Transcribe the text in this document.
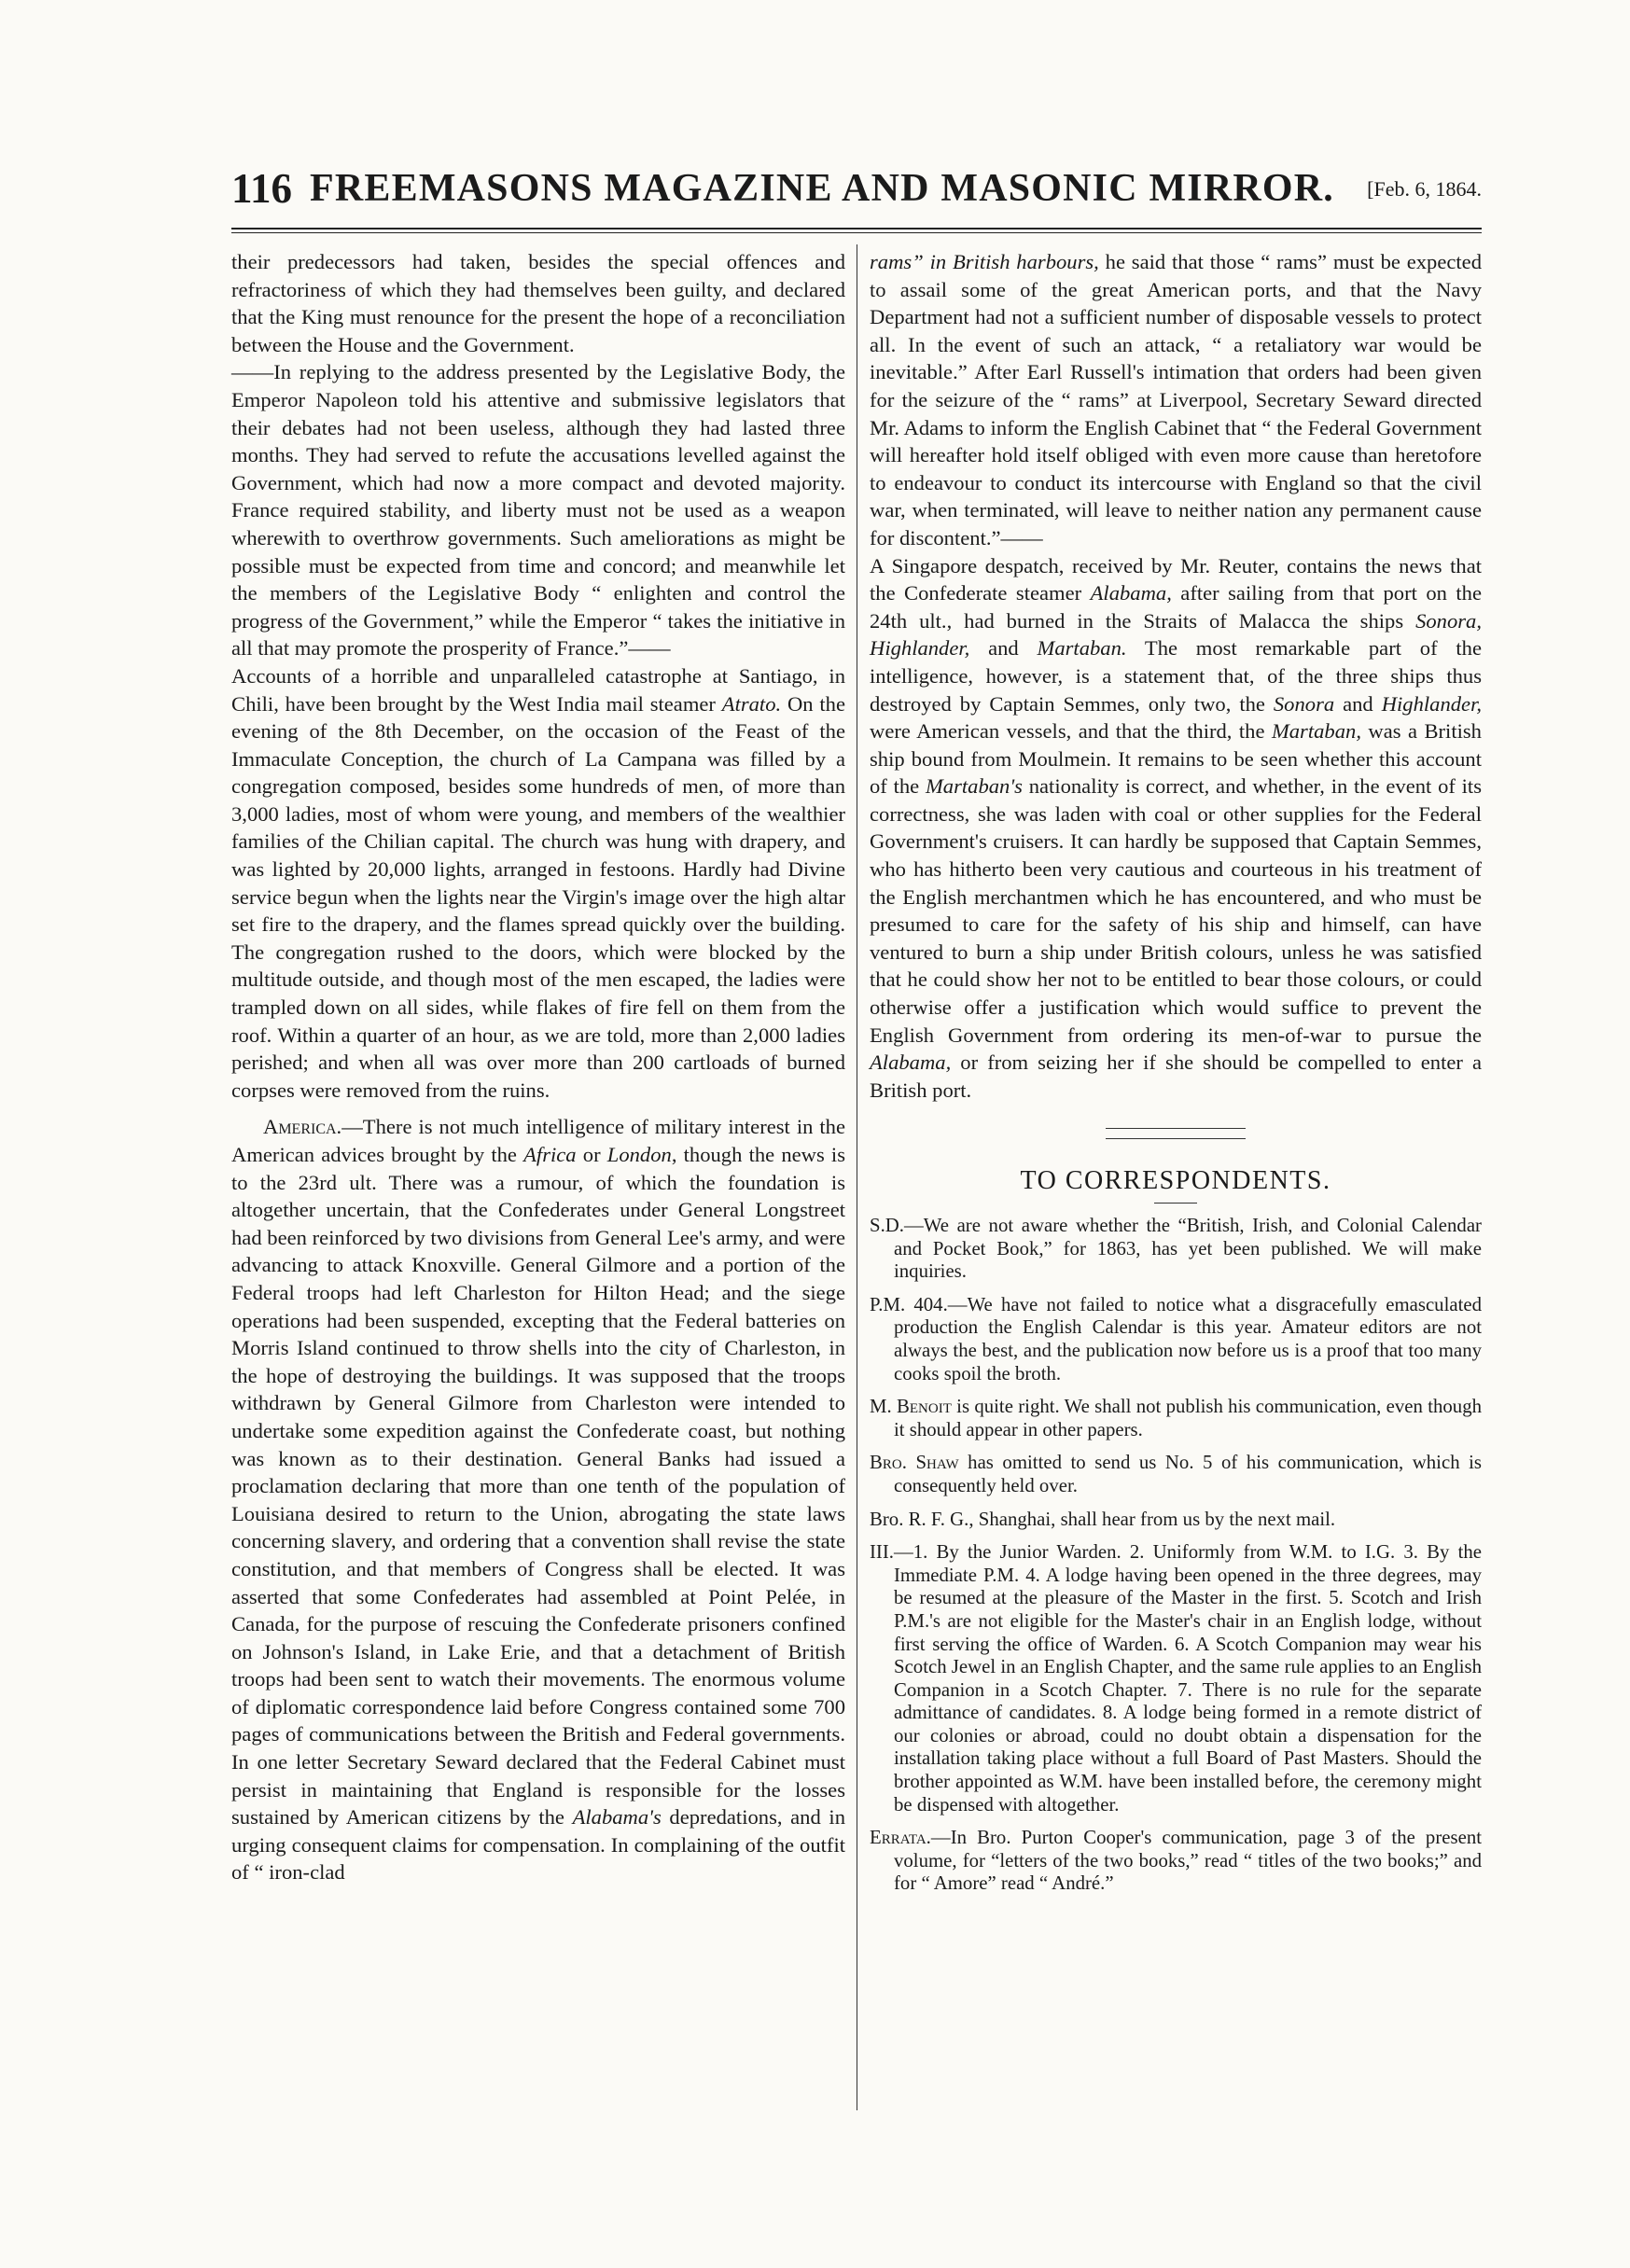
116 FREEMASONS MAGAZINE AND MASONIC MIRROR. [Feb. 6, 1864.

their predecessors had taken, besides the special offences and refractoriness of which they had themselves been guilty, and declared that the King must renounce for the present the hope of a reconciliation between the House and the Government.

——In replying to the address presented by the Legislative Body, the Emperor Napoleon told his attentive and submissive legislators that their debates had not been useless, although they had lasted three months. They had served to refute the accusations levelled against the Government, which had now a more compact and devoted majority. France required stability, and liberty must not be used as a weapon wherewith to overthrow governments. Such ameliorations as might be possible must be expected from time and concord; and meanwhile let the members of the Legislative Body “ enlighten and control the progress of the Government,” while the Emperor “ takes the initiative in all that may promote the prosperity of France.”——

Accounts of a horrible and unparalleled catastrophe at Santiago, in Chili, have been brought by the West India mail steamer Atrato. On the evening of the 8th December, on the occasion of the Feast of the Immaculate Conception, the church of La Campana was filled by a congregation composed, besides some hundreds of men, of more than 3,000 ladies, most of whom were young, and members of the wealthier families of the Chilian capital. The church was hung with drapery, and was lighted by 20,000 lights, arranged in festoons. Hardly had Divine service begun when the lights near the Virgin's image over the high altar set fire to the drapery, and the flames spread quickly over the building. The congregation rushed to the doors, which were blocked by the multitude outside, and though most of the men escaped, the ladies were trampled down on all sides, while flakes of fire fell on them from the roof. Within a quarter of an hour, as we are told, more than 2,000 ladies perished; and when all was over more than 200 cartloads of burned corpses were removed from the ruins.

America.—There is not much intelligence of military interest in the American advices brought by the Africa or London, though the news is to the 23rd ult. There was a rumour, of which the foundation is altogether uncertain, that the Confederates under General Longstreet had been reinforced by two divisions from General Lee's army, and were advancing to attack Knoxville. General Gilmore and a portion of the Federal troops had left Charleston for Hilton Head; and the siege operations had been suspended, excepting that the Federal batteries on Morris Island continued to throw shells into the city of Charleston, in the hope of destroying the buildings. It was supposed that the troops withdrawn by General Gilmore from Charleston were intended to undertake some expedition against the Confederate coast, but nothing was known as to their destination. General Banks had issued a proclamation declaring that more than one tenth of the population of Louisiana desired to return to the Union, abrogating the state laws concerning slavery, and ordering that a convention shall revise the state constitution, and that members of Congress shall be elected. It was asserted that some Confederates had assembled at Point Pelée, in Canada, for the purpose of rescuing the Confederate prisoners confined on Johnson's Island, in Lake Erie, and that a detachment of British troops had been sent to watch their movements. The enormous volume of diplomatic correspondence laid before Congress contained some 700 pages of communications between the British and Federal governments. In one letter Secretary Seward declared that the Federal Cabinet must persist in maintaining that England is responsible for the losses sustained by American citizens by the Alabama's depredations, and in urging consequent claims for compensation. In complaining of the outfit of “ iron-clad

rams” in British harbours, he said that those “ rams” must be expected to assail some of the great American ports, and that the Navy Department had not a sufficient number of disposable vessels to protect all. In the event of such an attack, “ a retaliatory war would be inevitable.” After Earl Russell's intimation that orders had been given for the seizure of the “ rams” at Liverpool, Secretary Seward directed Mr. Adams to inform the English Cabinet that “ the Federal Government will hereafter hold itself obliged with even more cause than heretofore to endeavour to conduct its intercourse with England so that the civil war, when terminated, will leave to neither nation any permanent cause for discontent.”——

A Singapore despatch, received by Mr. Reuter, contains the news that the Confederate steamer Alabama, after sailing from that port on the 24th ult., had burned in the Straits of Malacca the ships Sonora, Highlander, and Martaban. The most remarkable part of the intelligence, however, is a statement that, of the three ships thus destroyed by Captain Semmes, only two, the Sonora and Highlander, were American vessels, and that the third, the Martaban, was a British ship bound from Moulmein. It remains to be seen whether this account of the Martaban's nationality is correct, and whether, in the event of its correctness, she was laden with coal or other supplies for the Federal Government's cruisers. It can hardly be supposed that Captain Semmes, who has hitherto been very cautious and courteous in his treatment of the English merchantmen which he has encountered, and who must be presumed to care for the safety of his ship and himself, can have ventured to burn a ship under British colours, unless he was satisfied that he could show her not to be entitled to bear those colours, or could otherwise offer a justification which would suffice to prevent the English Government from ordering its men-of-war to pursue the Alabama, or from seizing her if she should be compelled to enter a British port.

TO CORRESPONDENTS.

S.D.—We are not aware whether the “British, Irish, and Colonial Calendar and Pocket Book,” for 1863, has yet been published. We will make inquiries.

P.M. 404.—We have not failed to notice what a disgracefully emasculated production the English Calendar is this year. Amateur editors are not always the best, and the publication now before us is a proof that too many cooks spoil the broth.

M. Benoit is quite right. We shall not publish his communication, even though it should appear in other papers.

Bro. Shaw has omitted to send us No. 5 of his communication, which is consequently held over.

Bro. R. F. G., Shanghai, shall hear from us by the next mail.

III.—1. By the Junior Warden. 2. Uniformly from W.M. to I.G. 3. By the Immediate P.M. 4. A lodge having been opened in the three degrees, may be resumed at the pleasure of the Master in the first. 5. Scotch and Irish P.M.'s are not eligible for the Master's chair in an English lodge, without first serving the office of Warden. 6. A Scotch Companion may wear his Scotch Jewel in an English Chapter, and the same rule applies to an English Companion in a Scotch Chapter. 7. There is no rule for the separate admittance of candidates. 8. A lodge being formed in a remote district of our colonies or abroad, could no doubt obtain a dispensation for the installation taking place without a full Board of Past Masters. Should the brother appointed as W.M. have been installed before, the ceremony might be dispensed with altogether.

Errata.—In Bro. Purton Cooper's communication, page 3 of the present volume, for “letters of the two books,” read “ titles of the two books;” and for “ Amore” read “ André.”
